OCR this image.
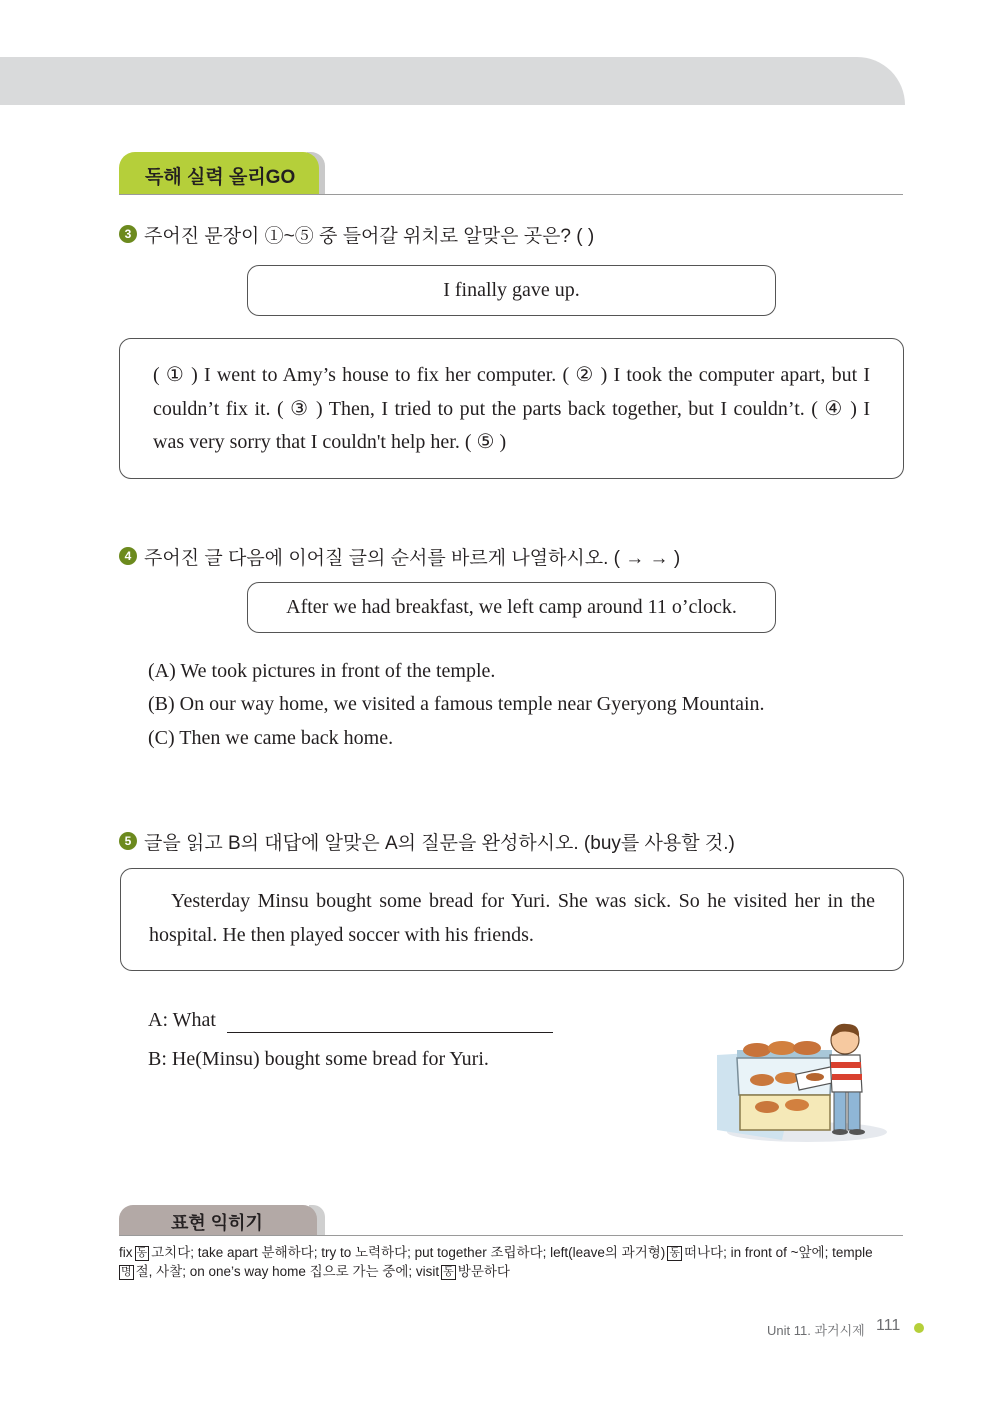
독해 실력 올리GO
3 주어진 문장이 ①~⑤ 중 들어갈 위치로 알맞은 곳은? ( )
I finally gave up.
( ① ) I went to Amy’s house to fix her computer. ( ② ) I took the computer apart, but I couldn’t fix it. ( ③ ) Then, I tried to put the parts back together, but I couldn’t. ( ④ ) I was very sorry that I couldn't help her. ( ⑤ )
4 주어진 글 다음에 이어질 글의 순서를 바르게 나열하시오. ( → → )
After we had breakfast, we left camp around 11 o’clock.
(A) We took pictures in front of the temple.
(B) On our way home, we visited a famous temple near Gyeryong Mountain.
(C) Then we came back home.
5 글을 읽고 B의 대답에 알맞은 A의 질문을 완성하시오. (buy를 사용할 것.)
Yesterday Minsu bought some bread for Yuri. She was sick. So he visited her in the hospital. He then played soccer with his friends.
A: What
B: He(Minsu) bought some bread for Yuri.
표현 익히기
fix 동 고치다; take apart 분해하다; try to 노력하다; put together 조립하다; left(leave의 과거형) 동 떠나다; in front of ~앞에; temple
명 절, 사찰; on one’s way home 집으로 가는 중에; visit 동 방문하다
Unit 11. 과거시제 111
